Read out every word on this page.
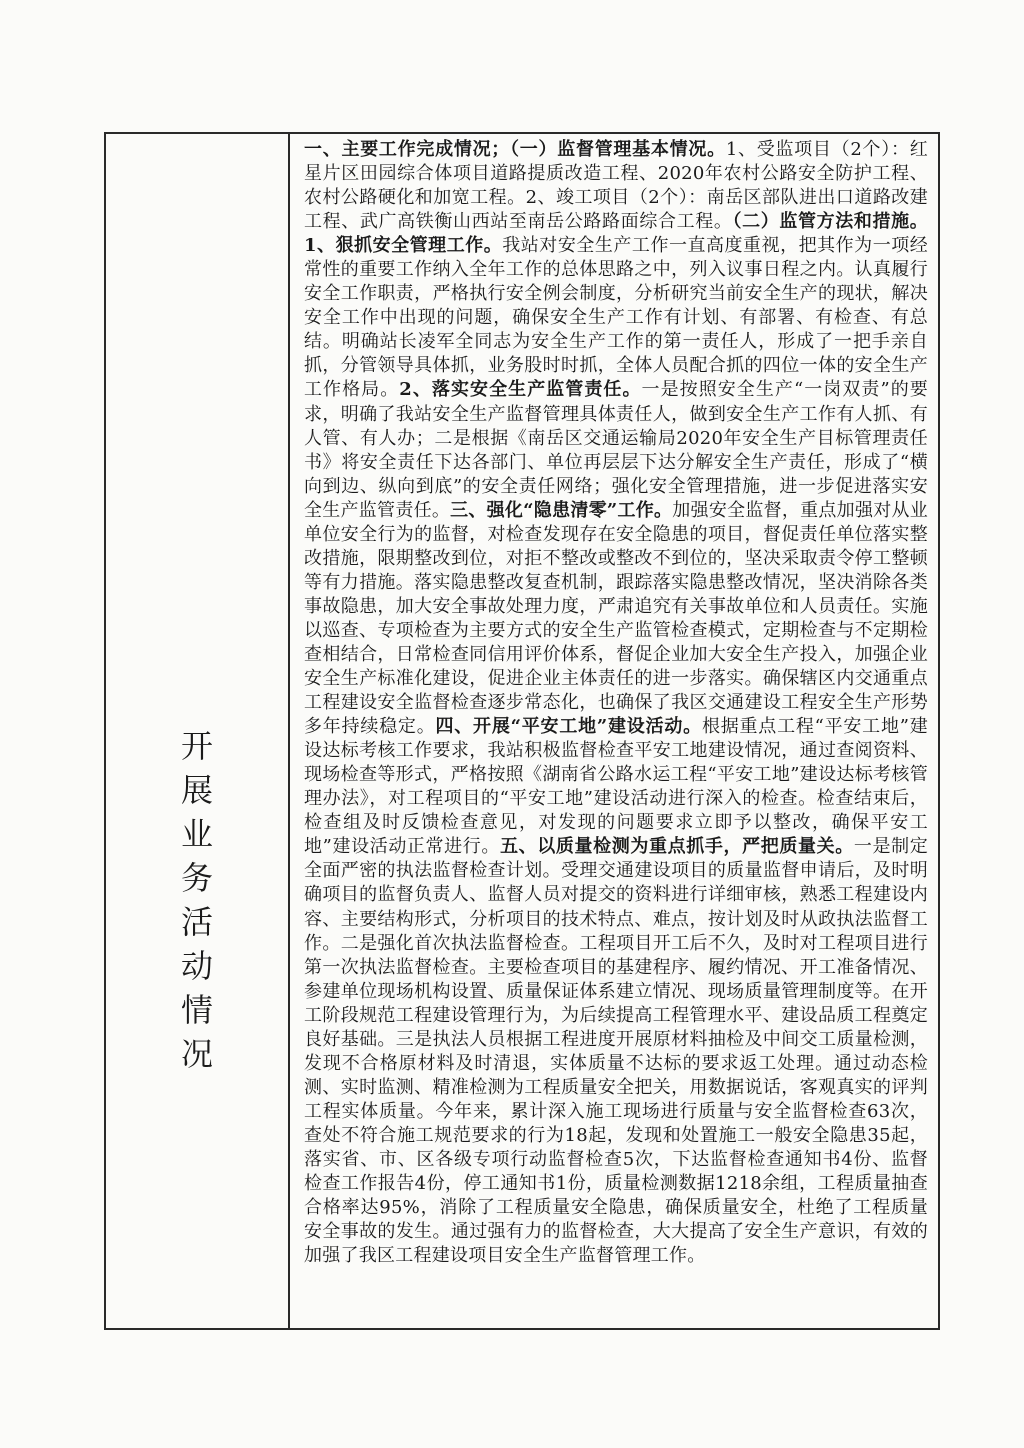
开
展
业
务
活
动
情
况

一、主要工作完成情况；（一）监督管理基本情况。1、受监项目（2个）：红星片区田园综合体项目道路提质改造工程、2020年农村公路安全防护工程、农村公路硬化和加宽工程。2、竣工项目（2个）：南岳区部队进出口道路改建工程、武广高铁衡山西站至南岳公路路面综合工程。（二）监管方法和措施。1、狠抓安全管理工作。我站对安全生产工作一直高度重视，把其作为一项经常性的重要工作纳入全年工作的总体思路之中，列入议事日程之内。认真履行安全工作职责，严格执行安全例会制度，分析研究当前安全生产的现状，解决安全工作中出现的问题，确保安全生产工作有计划、有部署、有检查、有总结。明确站长凌军全同志为安全生产工作的第一责任人，形成了一把手亲自抓，分管领导具体抓，业务股时时抓，全体人员配合抓的四位一体的安全生产工作格局。2、落实安全生产监管责任。一是按照安全生产“一岗双责”的要求，明确了我站安全生产监督管理具体责任人，做到安全生产工作有人抓、有人管、有人办；二是根据《南岳区交通运输局2020年安全生产目标管理责任书》将安全责任下达各部门、单位再层层下达分解安全生产责任，形成了“横向到边、纵向到底”的安全责任网络；强化安全管理措施，进一步促进落实安全生产监管责任。三、强化“隐患清零”工作。加强安全监督，重点加强对从业单位安全行为的监督，对检查发现存在安全隐患的项目，督促责任单位落实整改措施，限期整改到位，对拒不整改或整改不到位的，坚决采取责令停工整顿等有力措施。落实隐患整改复查机制，跟踪落实隐患整改情况，坚决消除各类事故隐患，加大安全事故处理力度，严肃追究有关事故单位和人员责任。实施以巡查、专项检查为主要方式的安全生产监管检查模式，定期检查与不定期检查相结合，日常检查同信用评价体系，督促企业加大安全生产投入，加强企业安全生产标准化建设，促进企业主体责任的进一步落实。确保辖区内交通重点工程建设安全监督检查逐步常态化，也确保了我区交通建设工程安全生产形势多年持续稳定。四、开展“平安工地”建设活动。根据重点工程“平安工地”建设达标考核工作要求，我站积极监督检查平安工地建设情况，通过查阅资料、现场检查等形式，严格按照《湖南省公路水运工程“平安工地”建设达标考核管理办法》，对工程项目的“平安工地”建设活动进行深入的检查。检查结束后，检查组及时反馈检查意见，对发现的问题要求立即予以整改，确保平安工地”建设活动正常进行。五、以质量检测为重点抓手，严把质量关。一是制定全面严密的执法监督检查计划。受理交通建设项目的质量监督申请后，及时明确项目的监督负责人、监督人员对提交的资料进行详细审核，熟悉工程建设内容、主要结构形式，分析项目的技术特点、难点，按计划及时从政执法监督工作。二是强化首次执法监督检查。工程项目开工后不久，及时对工程项目进行第一次执法监督检查。主要检查项目的基建程序、履约情况、开工准备情况、参建单位现场机构设置、质量保证体系建立情况、现场质量管理制度等。在开工阶段规范工程建设管理行为，为后续提高工程管理水平、建设品质工程奠定良好基础。三是执法人员根据工程进度开展原材料抽检及中间交工质量检测，发现不合格原材料及时清退，实体质量不达标的要求返工处理。通过动态检测、实时监测、精准检测为工程质量安全把关，用数据说话，客观真实的评判工程实体质量。今年来，累计深入施工现场进行质量与安全监督检查63次，查处不符合施工规范要求的行为18起，发现和处置施工一般安全隐患35起，落实省、市、区各级专项行动监督检查5次，下达监督检查通知书4份、监督检查工作报告4份，停工通知书1份，质量检测数据1218余组，工程质量抽查合格率达95%，消除了工程质量安全隐患，确保质量安全，杜绝了工程质量安全事故的发生。通过强有力的监督检查，大大提高了安全生产意识，有效的加强了我区工程建设项目安全生产监督管理工作。
